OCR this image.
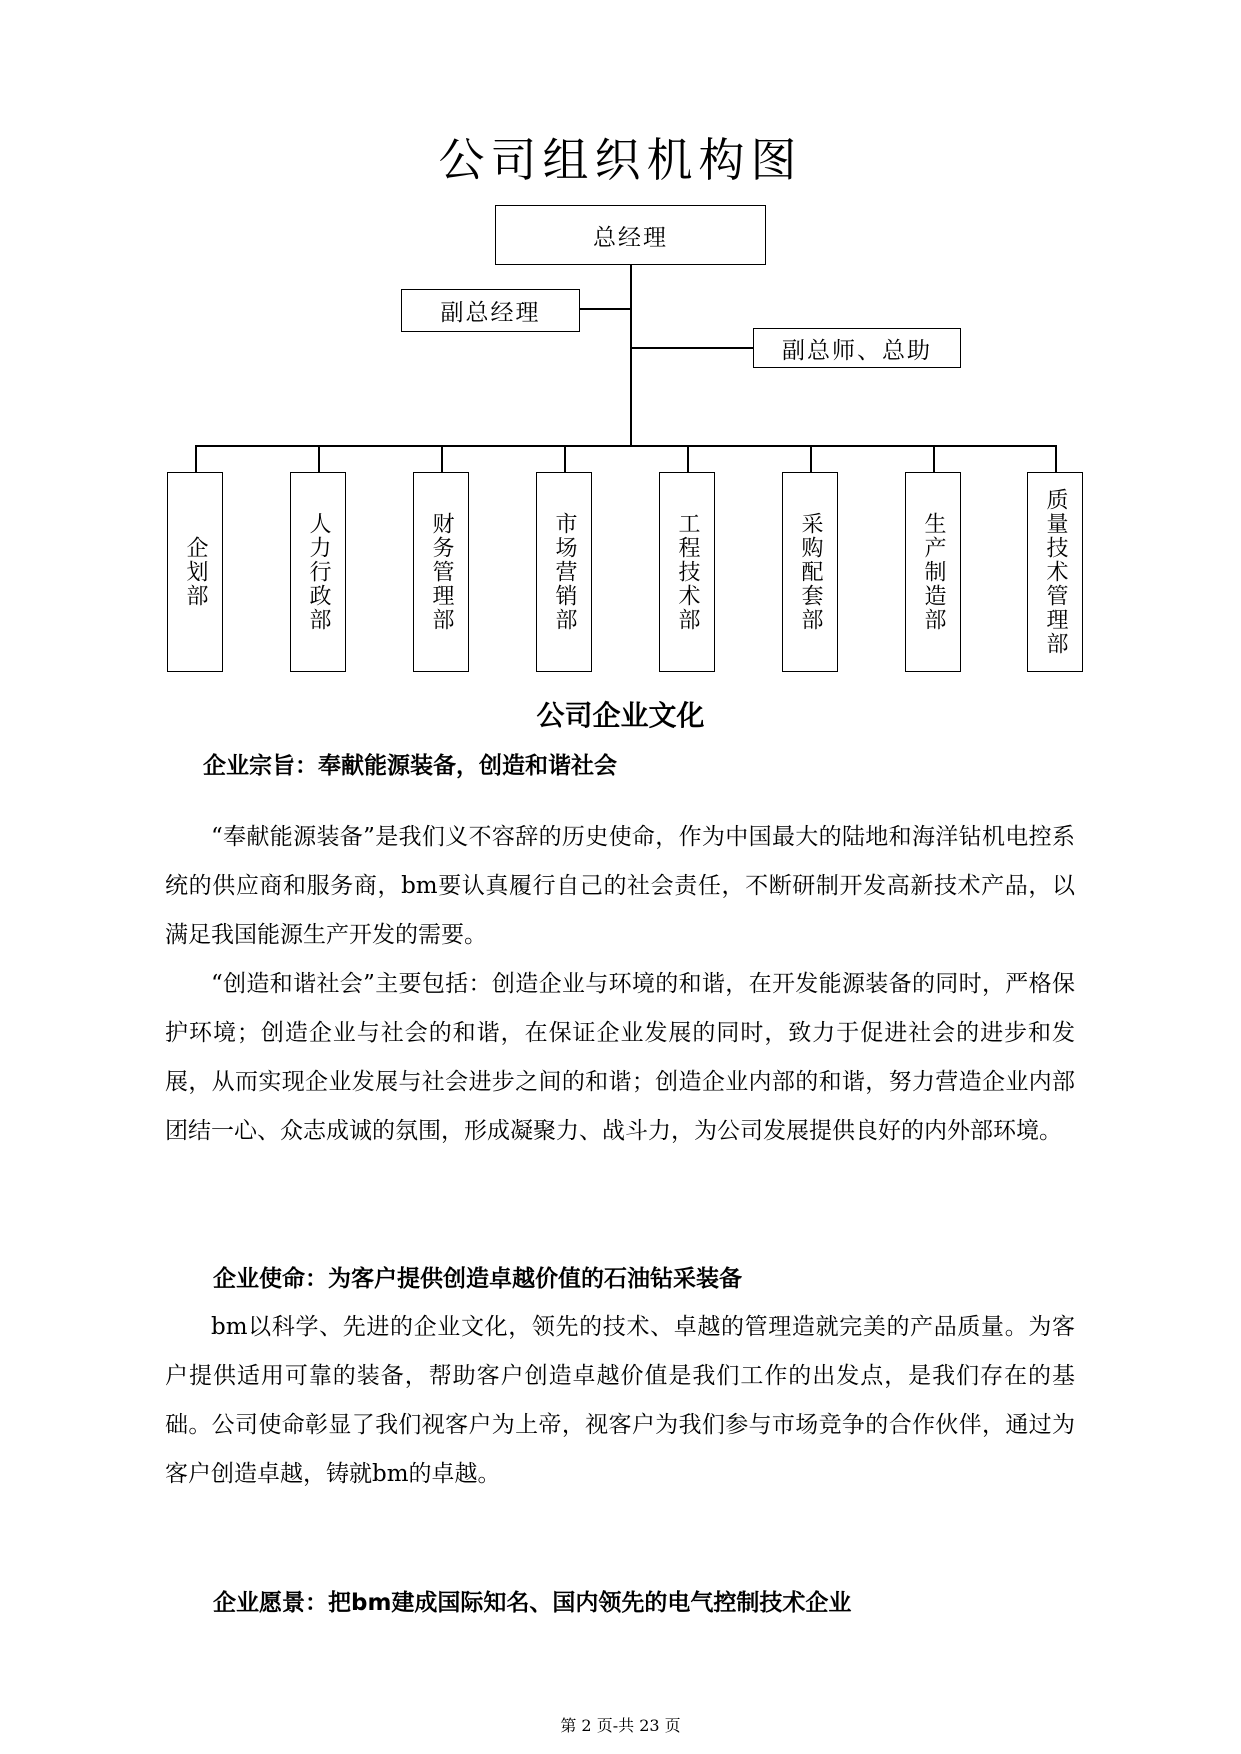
公司组织机构图
总经理
副总经理
副总师、总助
企划部	人力行政部	财务管理部	市场营销部	工程技术部	采购配套部	生产制造部	质量技术管理部
公司企业文化
企业宗旨：奉献能源装备，创造和谐社会

“奉献能源装备”是我们义不容辞的历史使命，作为中国最大的陆地和海洋钻机电控系统的供应商和服务商，bm要认真履行自己的社会责任，不断研制开发高新技术产品，以满足我国能源生产开发的需要。

“创造和谐社会”主要包括：创造企业与环境的和谐，在开发能源装备的同时，严格保护环境；创造企业与社会的和谐，在保证企业发展的同时，致力于促进社会的进步和发展，从而实现企业发展与社会进步之间的和谐；创造企业内部的和谐，努力营造企业内部团结一心、众志成诚的氛围，形成凝聚力、战斗力，为公司发展提供良好的内外部环境。

企业使命：为客户提供创造卓越价值的石油钻采装备

bm以科学、先进的企业文化，领先的技术、卓越的管理造就完美的产品质量。为客户提供适用可靠的装备，帮助客户创造卓越价值是我们工作的出发点，是我们存在的基础。公司使命彰显了我们视客户为上帝，视客户为我们参与市场竞争的合作伙伴，通过为客户创造卓越，铸就bm的卓越。

企业愿景：把bm建成国际知名、国内领先的电气控制技术企业
第 2 页-共 23 页
